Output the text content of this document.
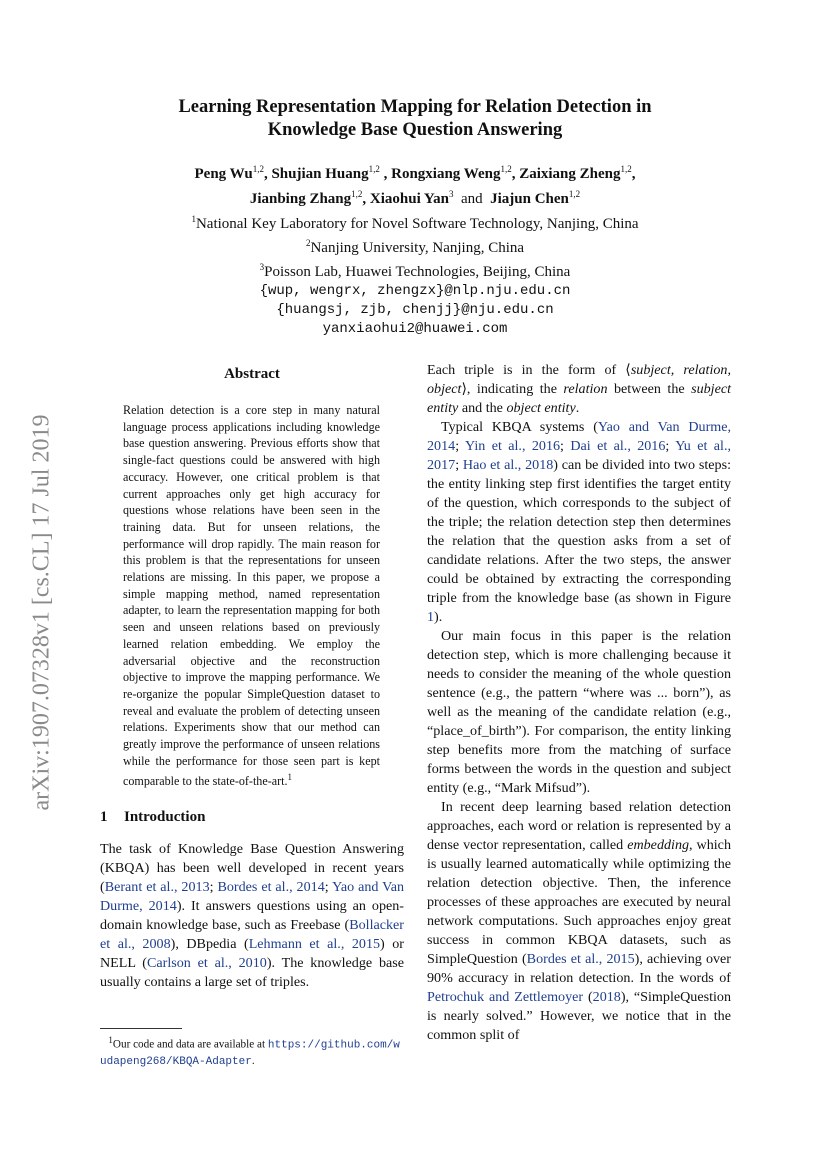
arXiv:1907.07328v1 [cs.CL] 17 Jul 2019
Learning Representation Mapping for Relation Detection in
Knowledge Base Question Answering
Peng Wu$^{1,2}$, Shujian Huang$^{1,2}$ , Rongxiang Weng$^{1,2}$, Zaixiang Zheng$^{1,2}$,
Jianbing Zhang$^{1,2}$, Xiaohui Yan$^3$ and Jiajun Chen$^{1,2}$
$^1$National Key Laboratory for Novel Software Technology, Nanjing, China
$^2$Nanjing University, Nanjing, China
$^3$Poisson Lab, Huawei Technologies, Beijing, China
{wup, wengrx, zhengzx}@nlp.nju.edu.cn
{huangsj, zjb, chenjj}@nju.edu.cn
yanxiaohui2@huawei.com
Abstract

Relation detection is a core step in many natural language process applications including knowledge base question answering. Previous efforts show that single-fact questions could be answered with high accuracy. However, one critical problem is that current approaches only get high accuracy for questions whose relations have been seen in the training data. But for unseen relations, the performance will drop rapidly. The main reason for this problem is that the representations for unseen relations are missing. In this paper, we propose a simple mapping method, named representation adapter, to learn the representation mapping for both seen and unseen relations based on previously learned relation embedding. We employ the adversarial objective and the reconstruction objective to improve the mapping performance. We re-organize the popular SimpleQuestion dataset to reveal and evaluate the problem of detecting unseen relations. Experiments show that our method can greatly improve the performance of unseen relations while the performance for those seen part is kept comparable to the state-of-the-art.$^1$

1 Introduction

The task of Knowledge Base Question Answering (KBQA) has been well developed in recent years (Berant et al., 2013; Bordes et al., 2014; Yao and Van Durme, 2014). It answers questions using an open-domain knowledge base, such as Freebase (Bollacker et al., 2008), DBpedia (Lehmann et al., 2015) or NELL (Carlson et al., 2010). The knowledge base usually contains a large set of triples.

$^1$Our code and data are available at https://github.com/wudapeng268/KBQA-Adapter.

Each triple is in the form of ⟨subject, relation, object⟩, indicating the relation between the subject entity and the object entity.

Typical KBQA systems (Yao and Van Durme, 2014; Yin et al., 2016; Dai et al., 2016; Yu et al., 2017; Hao et al., 2018) can be divided into two steps: the entity linking step first identifies the target entity of the question, which corresponds to the subject of the triple; the relation detection step then determines the relation that the question asks from a set of candidate relations. After the two steps, the answer could be obtained by extracting the corresponding triple from the knowledge base (as shown in Figure 1).

Our main focus in this paper is the relation detection step, which is more challenging because it needs to consider the meaning of the whole question sentence (e.g., the pattern “where was ... born”), as well as the meaning of the candidate relation (e.g., “place_of_birth”). For comparison, the entity linking step benefits more from the matching of surface forms between the words in the question and subject entity (e.g., “Mark Mifsud”).

In recent deep learning based relation detection approaches, each word or relation is represented by a dense vector representation, called embedding, which is usually learned automatically while optimizing the relation detection objective. Then, the inference processes of these approaches are executed by neural network computations. Such approaches enjoy great success in common KBQA datasets, such as SimpleQuestion (Bordes et al., 2015), achieving over 90% accuracy in relation detection. In the words of Petrochuk and Zettlemoyer (2018), “SimpleQuestion is nearly solved.” However, we notice that in the common split of
